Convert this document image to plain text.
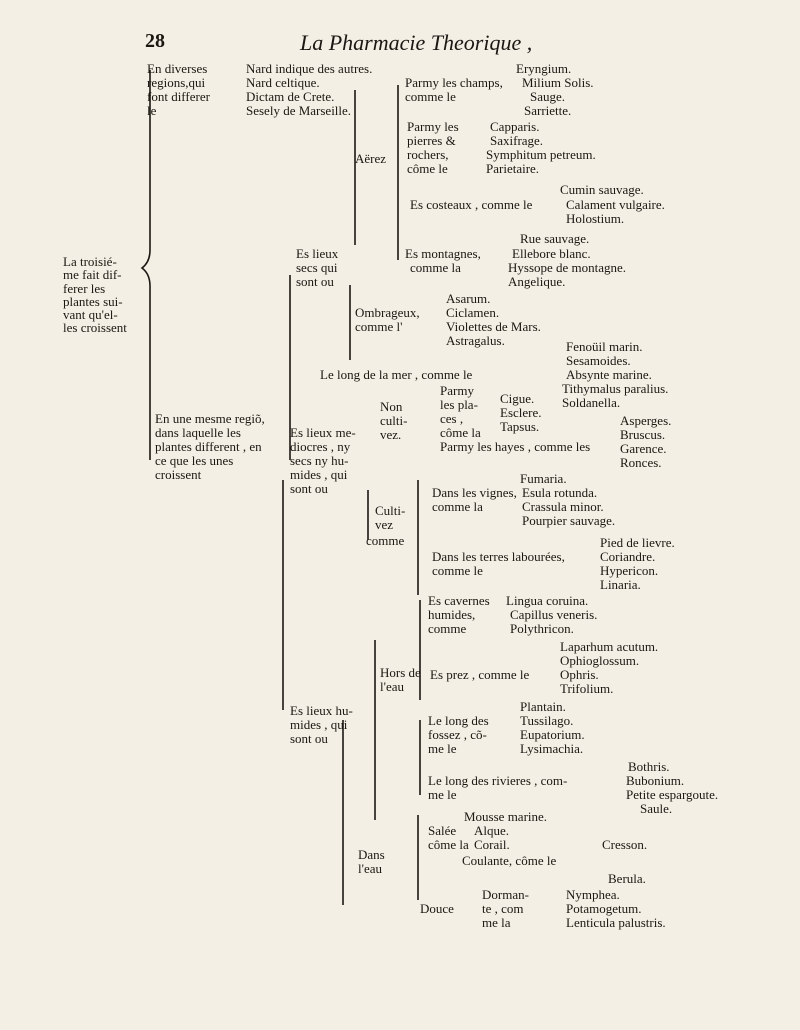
28	La Pharmacie Theorique ,
La troisié-
me fait dif-
ferer les
plantes sui-
vant qu'el-
les croissent
En diverses
regions,qui
font differer
le
Nard indique des autres.
Nard celtique.
Dictam de Crete.
Sesely de Marseille.
Eryngium.
Parmy les champs,
comme le
Milium Solis.
Sauge.
Sarriette.
Parmy les
pierres &
rochers,
côme le
Capparis.
Saxifrage.
Symphitum petreum.
Parietaire.
Aërez
Cumin sauvage.
Es costeaux , comme le	Calament vulgaire.
Holostium.
Rue sauvage.
Es lieux
secs qui
sont ou
Es montagnes,
comme la
Ellebore blanc.
Hyssope de montagne.
Angelique.
Asarum.
Ombrageux,
comme l'
Ciclamen.
Violettes de Mars.
Astragalus.	Fenoüil marin.
Sesamoides.
Le long de la mer , comme le	Absynte marine.
Tithymalus paralius.
Soldanella.
En une mesme regiõ,
dans laquelle les
plantes different , en
ce que les unes
croissent
Es lieux me-
diocres , ny
secs ny hu-
mides , qui
sont ou
Non
culti-
vez.
Parmy
les pla-
ces ,
côme la
Cigue.
Esclere.
Tapsus.
Parmy les hayes , comme les
Asperges.
Bruscus.
Garence.
Ronces.
Fumaria.
Dans les vignes,
comme la
Esula rotunda.
Crassula minor.
Pourpier sauvage.
Culti-
vez
comme	Pied de lievre.
Dans les terres labourées,
comme le
Coriandre.
Hypericon.
Linaria.
Es cavernes
humides,
comme
Lingua coruina.
Capillus veneris.
Polythricon.
Laparhum acutum.
Es prez , comme le
Ophioglossum.
Ophris.
Trifolium.
Hors de
l'eau
Es lieux hu-
mides , qui
sont ou
Plantain.
Le long des
fossez , cõ-
me le
Tussilago.
Eupatorium.
Lysimachia.
Bothris.
Le long des rivieres , com-
me le
Bubonium.
Petite espargoute.
Saule.
Mousse marine.
Salée
côme la
Alque.
Corail.	Cresson.
Dans
l'eau
Coulante, côme le
Berula.
Dorman-
te , com
me la
Nymphea.
Potamogetum.
Lenticula palustris.
Douce
